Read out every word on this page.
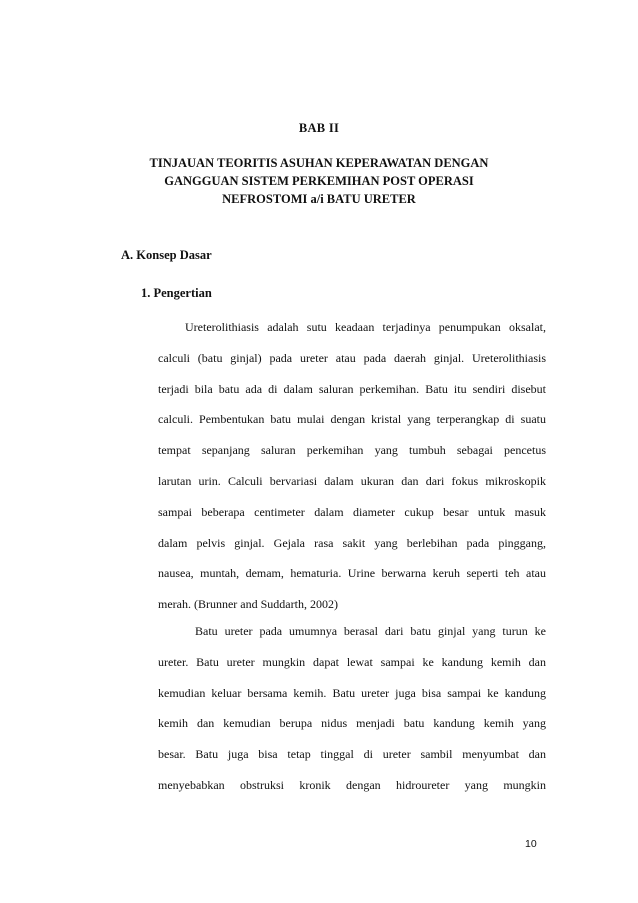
BAB II
TINJAUAN TEORITIS ASUHAN KEPERAWATAN DENGAN
GANGGUAN SISTEM PERKEMIHAN POST OPERASI
NEFROSTOMI a/i BATU URETER
A. Konsep Dasar
1. Pengertian
Ureterolithiasis adalah sutu keadaan terjadinya penumpukan oksalat,
calculi (batu ginjal) pada ureter atau pada daerah ginjal. Ureterolithiasis
terjadi bila batu ada di dalam saluran perkemihan. Batu itu sendiri disebut
calculi. Pembentukan batu mulai dengan kristal yang terperangkap di suatu
tempat sepanjang saluran perkemihan yang tumbuh sebagai pencetus
larutan urin. Calculi bervariasi dalam ukuran dan dari fokus mikroskopik
sampai beberapa centimeter dalam diameter cukup besar untuk masuk
dalam pelvis ginjal. Gejala rasa sakit yang berlebihan pada pinggang,
nausea, muntah, demam, hematuria. Urine berwarna keruh seperti teh atau
merah. (Brunner and Suddarth, 2002)
Batu ureter pada umumnya berasal dari batu ginjal yang turun ke
ureter. Batu ureter mungkin dapat lewat sampai ke kandung kemih dan
kemudian keluar bersama kemih. Batu ureter juga bisa sampai ke kandung
kemih dan kemudian berupa nidus menjadi batu kandung kemih yang
besar. Batu juga bisa tetap tinggal di ureter sambil menyumbat dan
menyebabkan obstruksi kronik dengan hidroureter yang mungkin
10
